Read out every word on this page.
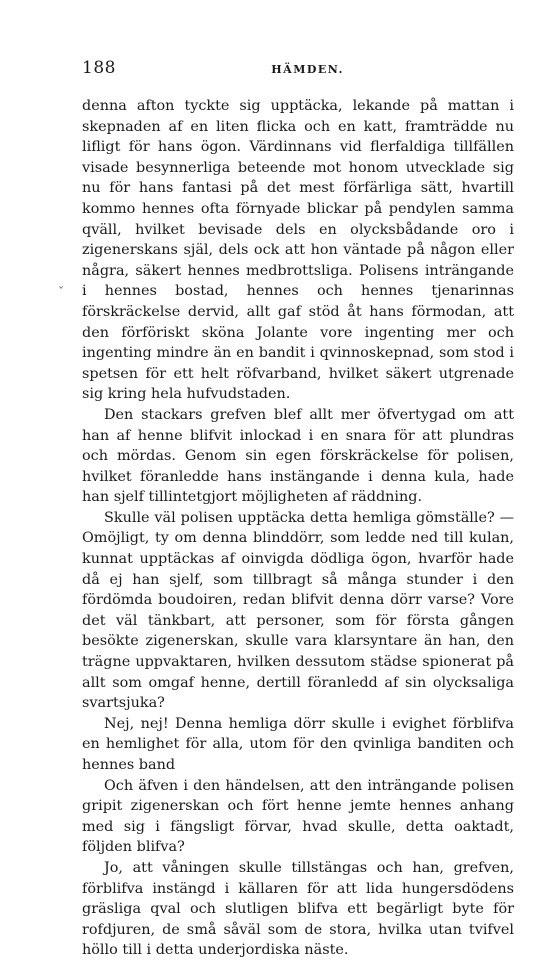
188	HÄMDEN.

denna afton tyckte sig upptäcka, lekande på mattan i skepnaden af en liten flicka och en katt, framträdde nu lifligt för hans ögon. Värdinnans vid flerfaldiga tillfällen visade besynnerliga beteende mot honom utvecklade sig nu för hans fantasi på det mest förfärliga sätt, hvartill kommo hennes ofta förnyade blickar på pendylen samma qväll, hvilket bevisade dels en olycksbådande oro i zigenerskans själ, dels ock att hon väntade på någon eller några, säkert hennes medbrottsliga. Polisens inträngande i hennes bostad, hennes och hennes tjenarinnas förskräckelse dervid, allt gaf stöd åt hans förmodan, att den förföriskt sköna Jolante vore ingenting mer och ingenting mindre än en bandit i qvinnoskepnad, som stod i spetsen för ett helt röfvarband, hvilket säkert utgrenade sig kring hela hufvudstaden.

Den stackars grefven blef allt mer öfvertygad om att han af henne blifvit inlockad i en snara för att plundras och mördas. Genom sin egen förskräckelse för polisen, hvilket föranledde hans instängande i denna kula, hade han sjelf tillintetgjort möjligheten af räddning.

Skulle väl polisen upptäcka detta hemliga gömställe? — Omöjligt, ty om denna blinddörr, som ledde ned till kulan, kunnat upptäckas af oinvigda dödliga ögon, hvarför hade då ej han sjelf, som tillbragt så många stunder i den fördömda boudoiren, redan blifvit denna dörr varse? Vore det väl tänkbart, att personer, som för första gången besökte zigenerskan, skulle vara klarsyntare än han, den trägne uppvaktaren, hvilken dessutom städse spionerat på allt som omgaf henne, dertill föranledd af sin olycksaliga svartsjuka?

Nej, nej! Denna hemliga dörr skulle i evighet förblifva en hemlighet för alla, utom för den qvinliga banditen och hennes band

Och äfven i den händelsen, att den inträngande polisen gripit zigenerskan och fört henne jemte hennes anhang med sig i fängsligt förvar, hvad skulle, detta oaktadt, följden blifva?

Jo, att våningen skulle tillstängas och han, grefven, förblifva instängd i källaren för att lida hungersdödens gräsliga qval och slutligen blifva ett begärligt byte för rofdjuren, de små såväl som de stora, hvilka utan tvifvel höllo till i detta underjordiska näste.

ˇ
